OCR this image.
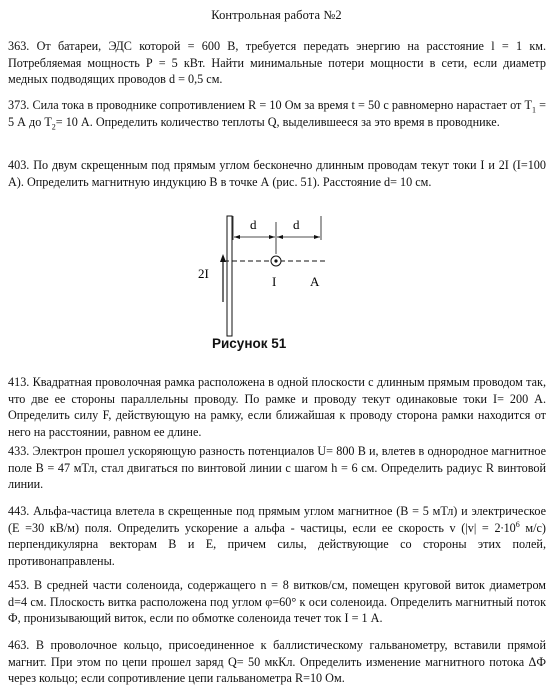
Контрольная работа №2

363. От батареи, ЭДС которой = 600 В, требуется передать энергию на расстояние l = 1 км. Потребляемая мощность Р = 5 кВт. Найти минимальные потери мощности в сети, если диаметр медных подводящих проводов d = 0,5 см.

373. Сила тока в проводнике сопротивлением R = 10 Ом за время t = 50 с равномерно нарастает от $T_1 = 5$ А до $T_2= 10$ А. Определить количество теплоты Q, выделившееся за это время в проводнике.

403. По двум скрещенным под прямым углом бесконечно длинным проводам текут токи I и 2I (I=100 А). Определить магнитную индукцию В в точке А (рис. 51). Расстояние d= 10 см.

d	d
2I
I	A
Рисунок 51

413. Квадратная проволочная рамка расположена в одной плоскости с длинным прямым проводом так, что две ее стороны параллельны проводу. По рамке и проводу текут одинаковые токи I= 200 А. Определить силу F, действующую на рамку, если ближайшая к проводу сторона рамки находится от него на расстоянии, равном ее длине.

433. Электрон прошел ускоряющую разность потенциалов U= 800 В и, влетев в однородное магнитное поле В = 47 мТл, стал двигаться по винтовой линии с шагом h = 6 см. Определить радиус R винтовой линии.

443. Альфа-частица влетела в скрещенные под прямым углом магнитное (В = 5 мТл) и электрическое (Е =30 кВ/м) поля. Определить ускорение а альфа - частицы, если ее скорость v ($|v| = 2\cdot 10^6$ м/с) перпендикулярна векторам В и Е, причем силы, действующие со стороны этих полей, противонаправлены.

453. В средней части соленоида, содержащего n = 8 витков/см, помещен круговой виток диаметром d=4 см. Плоскость витка расположена под углом φ=60° к оси соленоида. Определить магнитный поток Ф, пронизывающий виток, если по обмотке соленоида течет ток I = 1 А.

463. В проволочное кольцо, присоединенное к баллистическому гальванометру, вставили прямой магнит. При этом по цепи прошел заряд Q= 50 мкКл. Определить изменение магнитного потока ΔФ через кольцо; если сопротивление цепи гальванометра R=10 Ом.
